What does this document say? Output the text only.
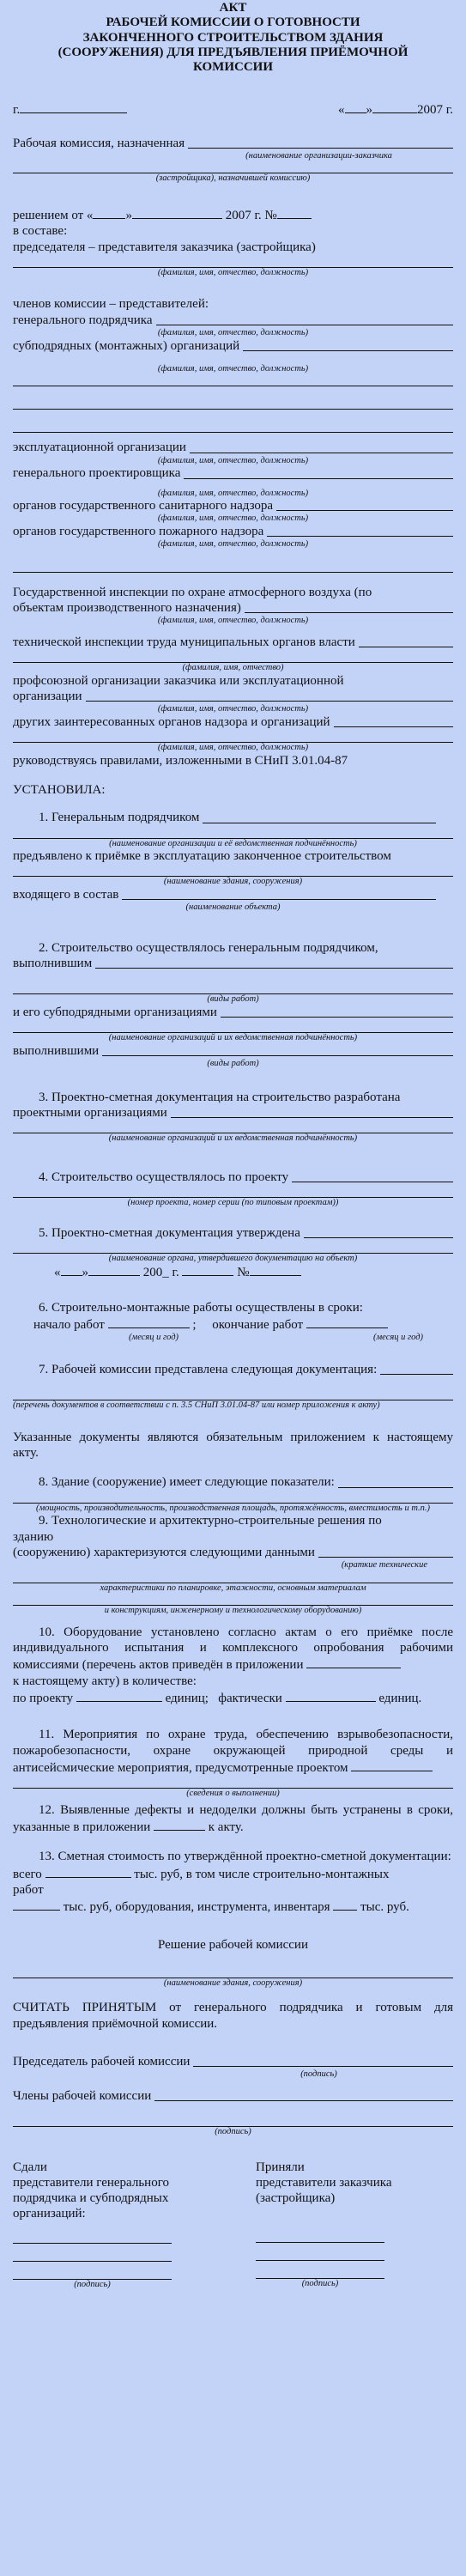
АКТ
РАБОЧЕЙ КОМИССИИ О ГОТОВНОСТИ
ЗАКОНЧЕННОГО СТРОИТЕЛЬСТВОМ ЗДАНИЯ
(СООРУЖЕНИЯ) ДЛЯ ПРЕДЪЯВЛЕНИЯ ПРИЁМОЧНОЙ
КОМИССИИ
г.	« »	2007 г.
Рабочая комиссия, назначенная
(наименование организации-заказчика
(застройщика), назначившей комиссию)
решением от «	»	2007 г. №
в составе:
председателя – представителя заказчика (застройщика)
(фамилия, имя, отчество, должность)
членов комиссии – представителей:
генерального подрядчика
(фамилия, имя, отчество, должность)
субподрядных (монтажных) организаций
(фамилия, имя, отчество, должность)
эксплуатационной организации
(фамилия, имя, отчество, должность)
генерального проектировщика
(фамилия, имя, отчество, должность)
органов государственного санитарного надзора
(фамилия, имя, отчество, должность)
органов государственного пожарного надзора
(фамилия, имя, отчество, должность)
Государственной инспекции по охране атмосферного воздуха (по
объектам производственного назначения)
(фамилия, имя, отчество, должность)
технической инспекции труда муниципальных органов власти
(фамилия, имя, отчество)
профсоюзной организации заказчика или эксплуатационной
организации
(фамилия, имя, отчество, должность)
других заинтересованных органов надзора и организаций
(фамилия, имя, отчество, должность)
руководствуясь правилами, изложенными в СНиП 3.01.04-87
УСТАНОВИЛА:
1. Генеральным подрядчиком
(наименование организации и её ведомственная подчинённость)
предъявлено к приёмке в эксплуатацию законченное строительством
(наименование здания, сооружения)
входящего в состав
(наименование объекта)
2. Строительство осуществлялось генеральным подрядчиком,
выполнившим
(виды работ)
и его субподрядными организациями
(наименование организаций и их ведомственная подчинённость)
выполнившими
(виды работ)
3. Проектно-сметная документация на строительство разработана
проектными организациями
(наименование организаций и их ведомственная подчинённость)
4. Строительство осуществлялось по проекту
(номер проекта, номер серии (по типовым проектам))
5. Проектно-сметная документация утверждена
(наименование органа, утвердившего документацию на объект)
« »	200_ г.	№
6. Строительно-монтажные работы осуществлены в сроки:
начало работ	;     окончание работ
(месяц и год)	(месяц и год)
7. Рабочей комиссии представлена следующая документация:
(перечень документов в соответствии с п. 3.5 СНиП 3.01.04-87 или номер приложения к акту)
Указанные документы являются обязательным приложением к настоящему акту.
8. Здание (сооружение) имеет следующие показатели:
(мощность, производительность, производственная площадь, протяжённость, вместимость и т.п.)
9. Технологические и архитектурно-строительные решения по
зданию
(сооружению) характеризуются следующими данными
(краткие технические
характеристики по планировке, этажности, основным материалам
и конструкциям, инженерному и технологическому оборудованию)
10. Оборудование установлено согласно актам о его приёмке после индивидуального испытания и комплексного опробования рабочими комиссиями (перечень актов приведён в приложении
к настоящему акту) в количестве:
по проекту	единиц; фактически	единиц.
11. Мероприятия по охране труда, обеспечению взрывобезопасности, пожаробезопасности, охране окружающей природной среды и антисейсмические мероприятия, предусмотренные проектом
(сведения о выполнении)
12. Выявленные дефекты и недоделки должны быть устранены в сроки, указанные в приложении	к акту.
13. Сметная стоимость по утверждённой проектно-сметной документации:
всего	тыс. руб, в том числе строительно-монтажных
работ
тыс. руб, оборудования, инструмента, инвентаря тыс. руб.
Решение рабочей комиссии
(наименование здания, сооружения)
СЧИТАТЬ ПРИНЯТЫМ от генерального подрядчика и готовым для предъявления приёмочной комиссии.
Председатель рабочей комиссии
(подпись)
Члены рабочей комиссии
(подпись)
Сдали
представители генерального
подрядчика и субподрядных
организаций:
(подпись)
Приняли
представители заказчика
(застройщика)
(подпись)
